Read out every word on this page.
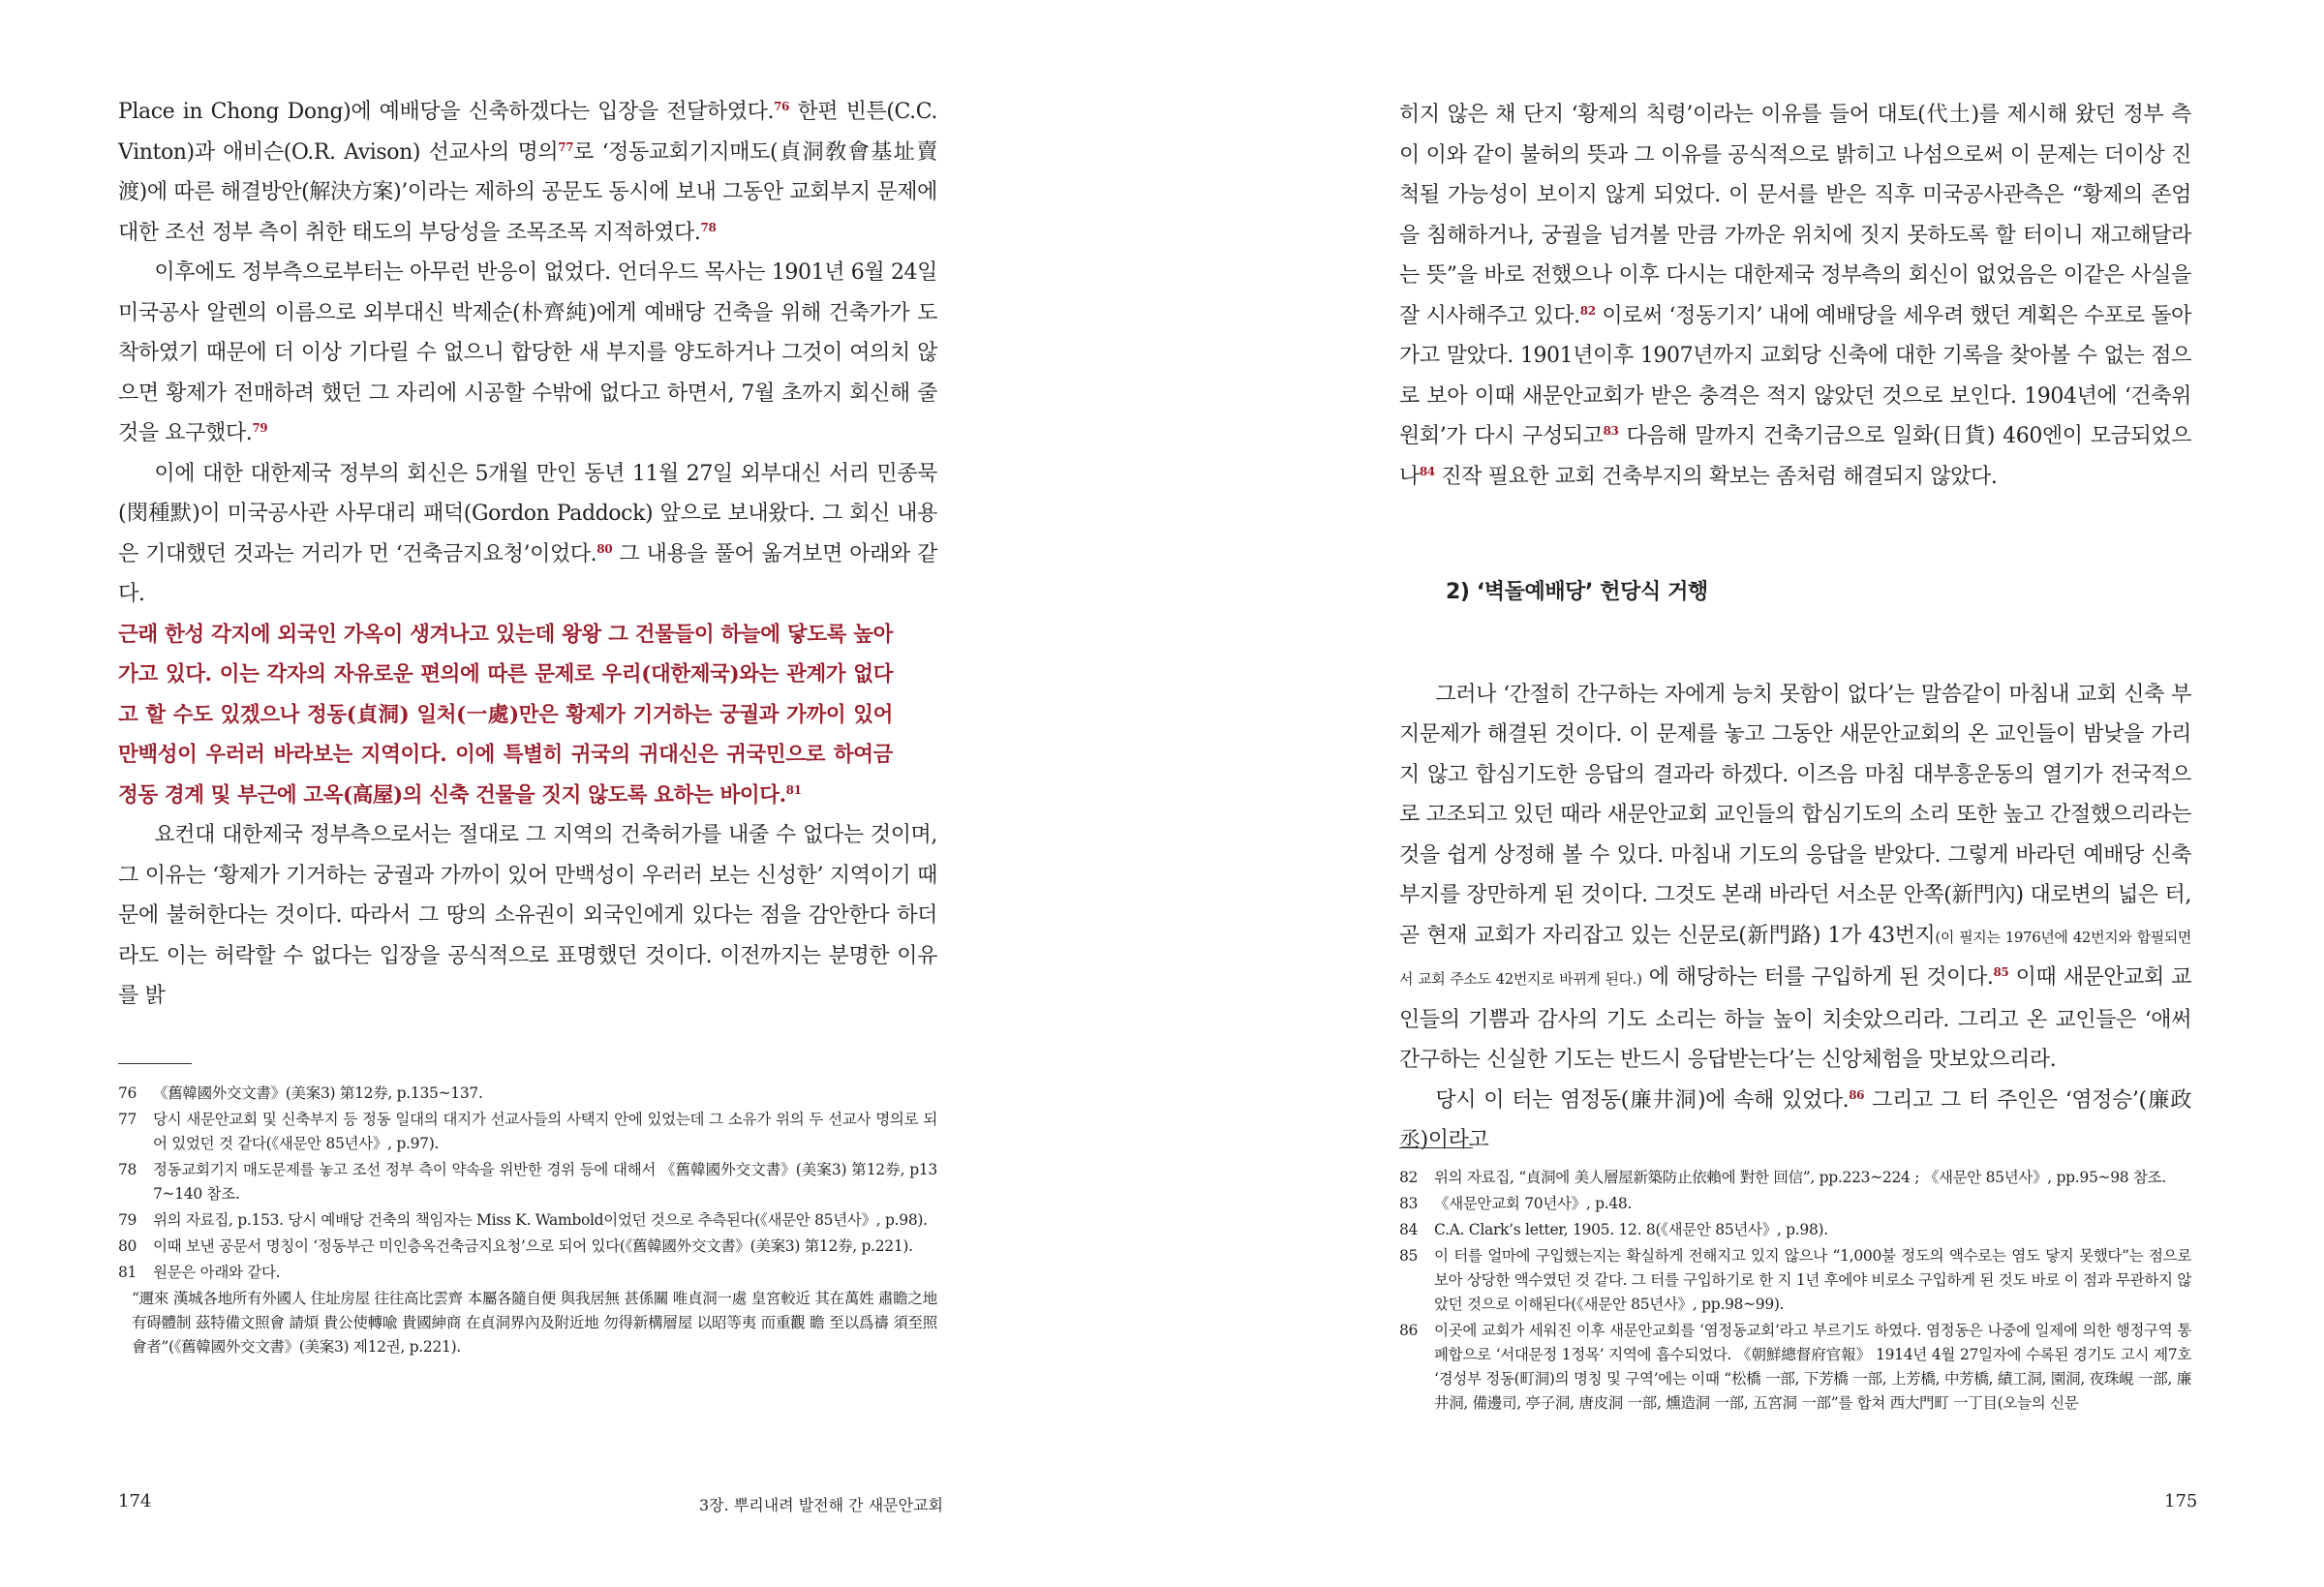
Place in Chong Dong)에 예배당을 신축하겠다는 입장을 전달하였다.$^{76}$ 한편 빈튼(C.C. Vinton)과 애비슨(O.R. Avison) 선교사의 명의$^{77}$로 ‘정동교회기지매도(貞洞敎會基址賣渡)에 따른 해결방안(解決方案)’이라는 제하의 공문도 동시에 보내 그동안 교회부지 문제에 대한 조선 정부 측이 취한 태도의 부당성을 조목조목 지적하였다.$^{78}$

이후에도 정부측으로부터는 아무런 반응이 없었다. 언더우드 목사는 1901년 6월 24일 미국공사 알렌의 이름으로 외부대신 박제순(朴齊純)에게 예배당 건축을 위해 건축가가 도착하였기 때문에 더 이상 기다릴 수 없으니 합당한 새 부지를 양도하거나 그것이 여의치 않으면 황제가 전매하려 했던 그 자리에 시공할 수밖에 없다고 하면서, 7월 초까지 회신해 줄 것을 요구했다.$^{79}$

이에 대한 대한제국 정부의 회신은 5개월 만인 동년 11월 27일 외부대신 서리 민종묵(閔種默)이 미국공사관 사무대리 패덕(Gordon Paddock) 앞으로 보내왔다. 그 회신 내용은 기대했던 것과는 거리가 먼 ‘건축금지요청’이었다.$^{80}$ 그 내용을 풀어 옮겨보면 아래와 같다.

근래 한성 각지에 외국인 가옥이 생겨나고 있는데 왕왕 그 건물들이 하늘에 닿도록 높아가고 있다. 이는 각자의 자유로운 편의에 따른 문제로 우리(대한제국)와는 관계가 없다고 할 수도 있겠으나 정동(貞洞) 일처(一處)만은 황제가 기거하는 궁궐과 가까이 있어 만백성이 우러러 바라보는 지역이다. 이에 특별히 귀국의 귀대신은 귀국민으로 하여금 정동 경계 및 부근에 고옥(高屋)의 신축 건물을 짓지 않도록 요하는 바이다.$^{81}$

요컨대 대한제국 정부측으로서는 절대로 그 지역의 건축허가를 내줄 수 없다는 것이며, 그 이유는 ‘황제가 기거하는 궁궐과 가까이 있어 만백성이 우러러 보는 신성한’ 지역이기 때문에 불허한다는 것이다. 따라서 그 땅의 소유권이 외국인에게 있다는 점을 감안한다 하더라도 이는 허락할 수 없다는 입장을 공식적으로 표명했던 것이다. 이전까지는 분명한 이유를 밝

76 《舊韓國外交文書》(美案3) 第12券, p.135~137.
77 당시 새문안교회 및 신축부지 등 정동 일대의 대지가 선교사들의 사택지 안에 있었는데 그 소유가 위의 두 선교사 명의로 되어 있었던 것 같다(《새문안 85년사》, p.97).
78 정동교회기지 매도문제를 놓고 조선 정부 측이 약속을 위반한 경위 등에 대해서 《舊韓國外交文書》(美案3) 第12券, p137~140 참조.
79 위의 자료집, p.153. 당시 예배당 건축의 책임자는 Miss K. Wambold이었던 것으로 추측된다(《새문안 85년사》, p.98).
80 이때 보낸 공문서 명칭이 ‘정동부근 미인층옥건축금지요청’으로 되어 있다(《舊韓國外交文書》(美案3) 第12券, p.221).
81 원문은 아래와 같다.
“邇來 漢城各地所有外國人 住址房屋 往往高比雲齊 本屬各隨自便 與我居無 甚係關 唯貞洞一處 皇宮較近 其在萬姓 肅瞻之地 有碍體制 茲特備文照會 請煩 貴公使轉喩 貴國紳商 在貞洞界內及附近地 勿得新構層屋 以昭等夷 而重觀 瞻 至以爲禱 須至照會者”(《舊韓國外交文書》(美案3) 제12권, p.221).
174	3장. 뿌리내려 발전해 간 새문안교회

히지 않은 채 단지 ‘황제의 칙령’이라는 이유를 들어 대토(代土)를 제시해 왔던 정부 측이 이와 같이 불허의 뜻과 그 이유를 공식적으로 밝히고 나섬으로써 이 문제는 더이상 진척될 가능성이 보이지 않게 되었다. 이 문서를 받은 직후 미국공사관측은 “황제의 존엄을 침해하거나, 궁궐을 넘겨볼 만큼 가까운 위치에 짓지 못하도록 할 터이니 재고해달라는 뜻”을 바로 전했으나 이후 다시는 대한제국 정부측의 회신이 없었음은 이같은 사실을 잘 시사해주고 있다.$^{82}$ 이로써 ‘정동기지’ 내에 예배당을 세우려 했던 계획은 수포로 돌아가고 말았다. 1901년이후 1907년까지 교회당 신축에 대한 기록을 찾아볼 수 없는 점으로 보아 이때 새문안교회가 받은 충격은 적지 않았던 것으로 보인다. 1904년에 ‘건축위원회’가 다시 구성되고$^{83}$ 다음해 말까지 건축기금으로 일화(日貨) 460엔이 모금되었으나$^{84}$ 진작 필요한 교회 건축부지의 확보는 좀처럼 해결되지 않았다.

2) ‘벽돌예배당’ 헌당식 거행

그러나 ‘간절히 간구하는 자에게 능치 못함이 없다’는 말씀같이 마침내 교회 신축 부지문제가 해결된 것이다. 이 문제를 놓고 그동안 새문안교회의 온 교인들이 밤낮을 가리지 않고 합심기도한 응답의 결과라 하겠다. 이즈음 마침 대부흥운동의 열기가 전국적으로 고조되고 있던 때라 새문안교회 교인들의 합심기도의 소리 또한 높고 간절했으리라는 것을 쉽게 상정해 볼 수 있다. 마침내 기도의 응답을 받았다. 그렇게 바라던 예배당 신축 부지를 장만하게 된 것이다. 그것도 본래 바라던 서소문 안쪽(新門內) 대로변의 넓은 터, 곧 현재 교회가 자리잡고 있는 신문로(新門路) 1가 43번지(이 필지는 1976년에 42번지와 합필되면서 교회 주소도 42번지로 바뀌게 된다.) 에 해당하는 터를 구입하게 된 것이다.$^{85}$ 이때 새문안교회 교인들의 기쁨과 감사의 기도 소리는 하늘 높이 치솟았으리라. 그리고 온 교인들은 ‘애써 간구하는 신실한 기도는 반드시 응답받는다’는 신앙체험을 맛보았으리라.

당시 이 터는 염정동(廉井洞)에 속해 있었다.$^{86}$ 그리고 그 터 주인은 ‘염정승’(廉政丞)이라고

82 위의 자료집, “貞洞에 美人層屋新築防止依賴에 對한 回信”, pp.223~224 ; 《새문안 85년사》, pp.95~98 참조.
83 《새문안교회 70년사》, p.48.
84 C.A. Clark’s letter, 1905. 12. 8(《새문안 85년사》, p.98).
85 이 터를 얼마에 구입했는지는 확실하게 전해지고 있지 않으나 “1,000불 정도의 액수로는 염도 닿지 못했다”는 점으로 보아 상당한 액수였던 것 같다. 그 터를 구입하기로 한 지 1년 후에야 비로소 구입하게 된 것도 바로 이 점과 무관하지 않았던 것으로 이해된다(《새문안 85년사》, pp.98~99).
86 이곳에 교회가 세워진 이후 새문안교회를 ‘염정동교회’라고 부르기도 하였다. 염정동은 나중에 일제에 의한 행정구역 통폐합으로 ‘서대문정 1정목’ 지역에 흡수되었다. 《朝鮮總督府官報》 1914년 4월 27일자에 수록된 경기도 고시 제7호 ‘경성부 정동(町洞)의 명칭 및 구역’에는 이때 “松橋 一部, 下芳橋 一部, 上芳橋, 中芳橋, 績工洞, 園洞, 夜珠峴 一部, 廉井洞, 備邊司, 亭子洞, 唐皮洞 一部, 燻造洞 一部, 五宮洞 一部”를 합쳐 西大門町 一丁目(오늘의 신문
175
